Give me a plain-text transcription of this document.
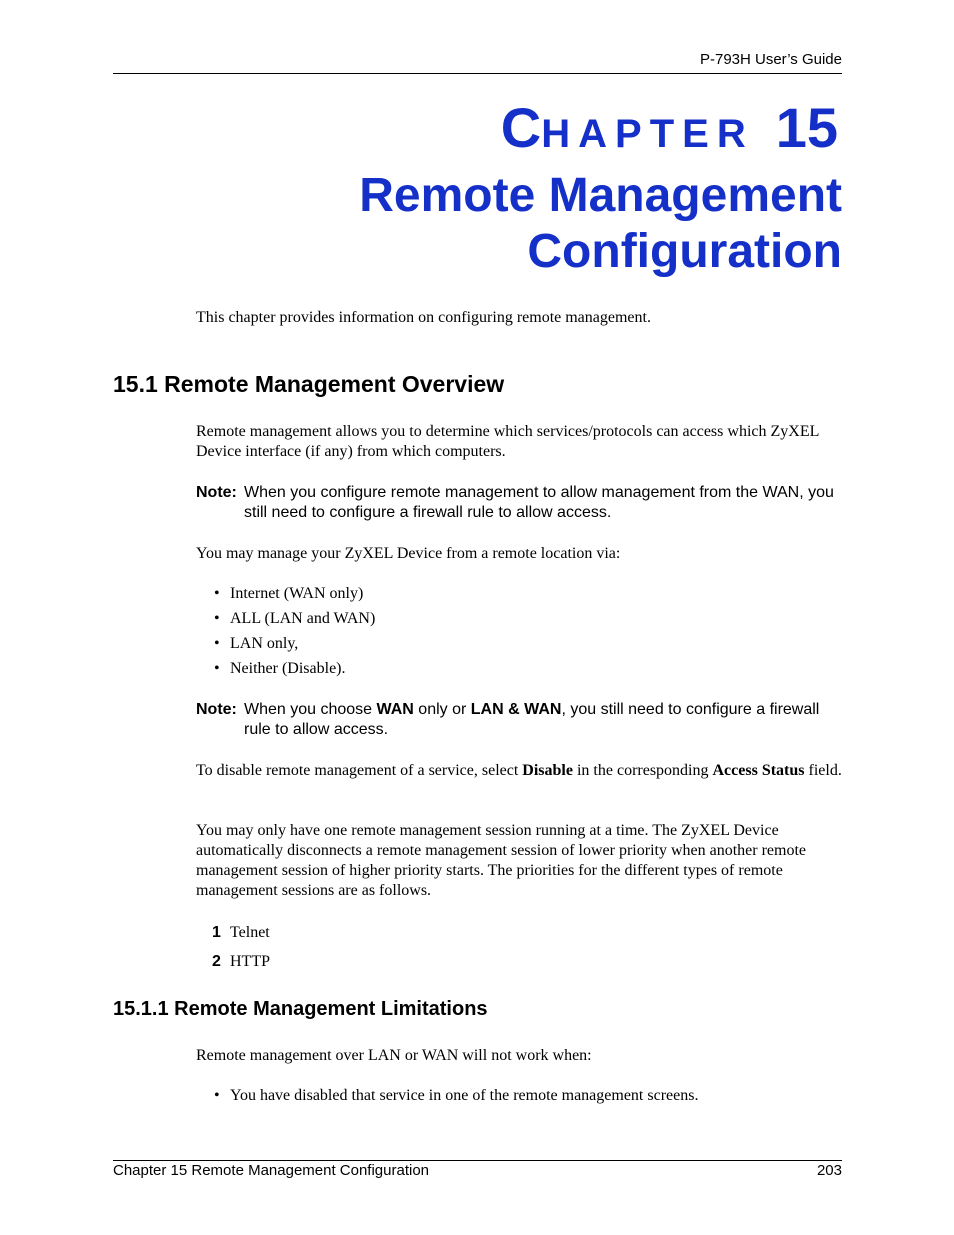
P-793H User’s Guide
CHAPTER 15
Remote Management
Configuration
This chapter provides information on configuring remote management.
15.1 Remote Management Overview
Remote management allows you to determine which services/protocols can access which ZyXEL Device interface (if any) from which computers.
Note: When you configure remote management to allow management from the WAN, you still need to configure a firewall rule to allow access.
You may manage your ZyXEL Device from a remote location via:
• Internet (WAN only)
• ALL (LAN and WAN)
• LAN only,
• Neither (Disable).
Note: When you choose WAN only or LAN & WAN, you still need to configure a firewall rule to allow access.
To disable remote management of a service, select Disable in the corresponding Access Status field.
You may only have one remote management session running at a time. The ZyXEL Device automatically disconnects a remote management session of lower priority when another remote management session of higher priority starts. The priorities for the different types of remote management sessions are as follows.
1 Telnet
2 HTTP
15.1.1 Remote Management Limitations
Remote management over LAN or WAN will not work when:
• You have disabled that service in one of the remote management screens.
Chapter 15 Remote Management Configuration	203
